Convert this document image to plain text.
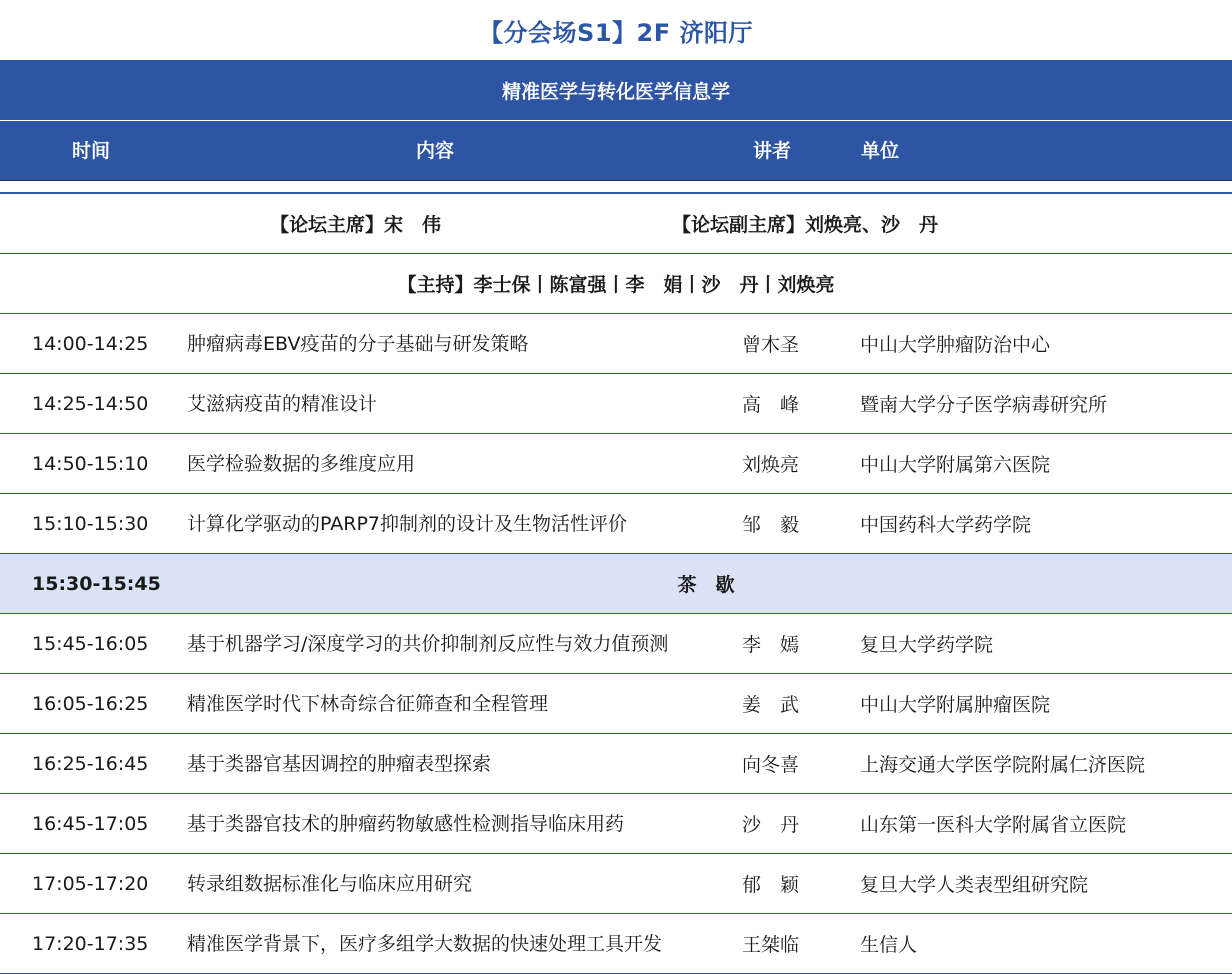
【分会场S1】2F 济阳厅
精准医学与转化医学信息学
时间	内容	讲者	单位
【论坛主席】宋　伟	【论坛副主席】刘焕亮、沙　丹
【主持】李士保丨陈富强丨李　娟丨沙　丹丨刘焕亮
14:00-14:25	肿瘤病毒EBV疫苗的分子基础与研发策略	曾木圣	中山大学肿瘤防治中心
14:25-14:50	艾滋病疫苗的精准设计	高　峰	暨南大学分子医学病毒研究所
14:50-15:10	医学检验数据的多维度应用	刘焕亮	中山大学附属第六医院
15:10-15:30	计算化学驱动的PARP7抑制剂的设计及生物活性评价	邹　毅	中国药科大学药学院
15:30-15:45	茶　歇
15:45-16:05	基于机器学习/深度学习的共价抑制剂反应性与效力值预测	李　嫣	复旦大学药学院
16:05-16:25	精准医学时代下林奇综合征筛查和全程管理	姜　武	中山大学附属肿瘤医院
16:25-16:45	基于类器官基因调控的肿瘤表型探索	向冬喜	上海交通大学医学院附属仁济医院
16:45-17:05	基于类器官技术的肿瘤药物敏感性检测指导临床用药	沙　丹	山东第一医科大学附属省立医院
17:05-17:20	转录组数据标准化与临床应用研究	郁　颖	复旦大学人类表型组研究院
17:20-17:35	精准医学背景下，医疗多组学大数据的快速处理工具开发	王桀临	生信人
